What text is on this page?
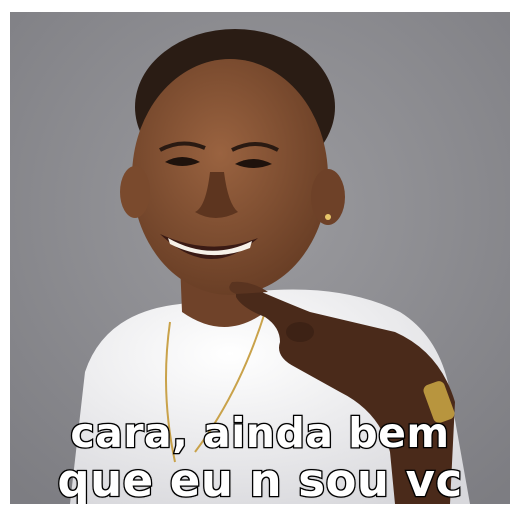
cara, ainda bem
que eu n sou vc
